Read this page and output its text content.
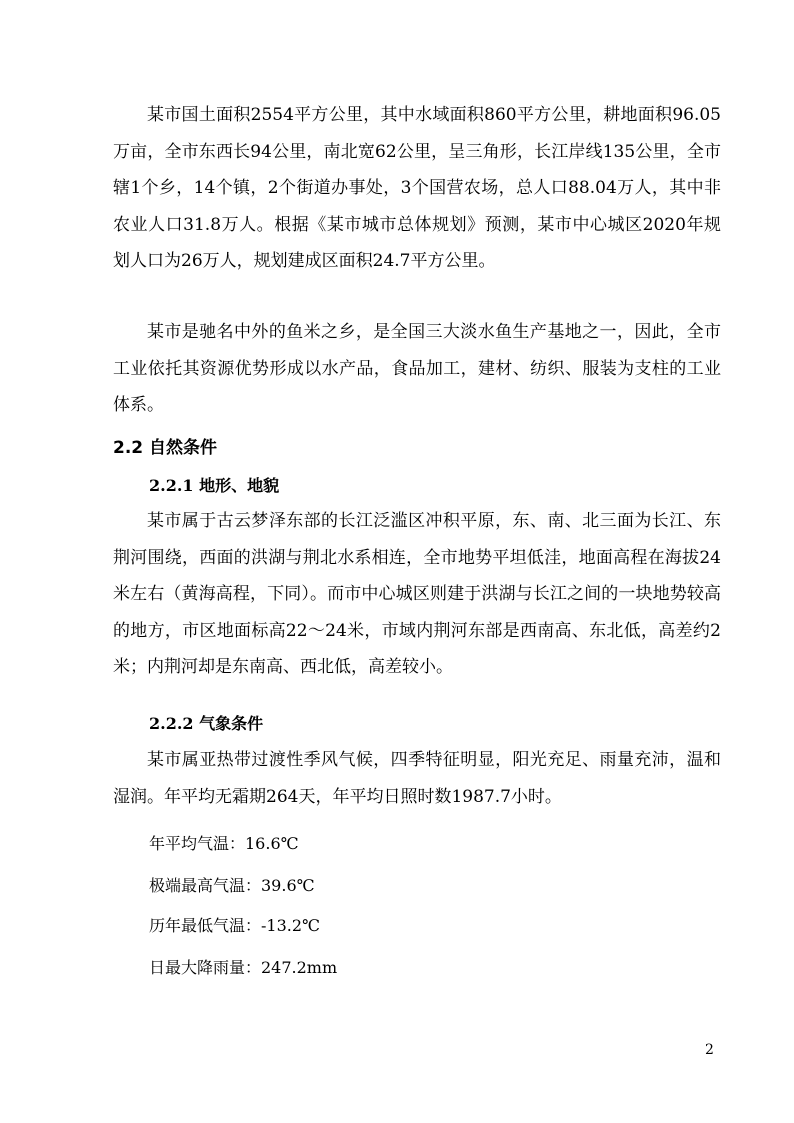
某市国土面积2554平方公里，其中水域面积860平方公里，耕地面积96.05万亩，全市东西长94公里，南北宽62公里，呈三角形，长江岸线135公里，全市辖1个乡，14个镇，2个街道办事处，3个国营农场，总人口88.04万人，其中非农业人口31.8万人。根据《某市城市总体规划》预测，某市中心城区2020年规划人口为26万人，规划建成区面积24.7平方公里。

某市是驰名中外的鱼米之乡，是全国三大淡水鱼生产基地之一，因此，全市工业依托其资源优势形成以水产品，食品加工，建材、纺织、服装为支柱的工业体系。

2.2 自然条件
2.2.1 地形、地貌

某市属于古云梦泽东部的长江泛滥区冲积平原，东、南、北三面为长江、东荆河围绕，西面的洪湖与荆北水系相连，全市地势平坦低洼，地面高程在海拔24米左右（黄海高程，下同）。而市中心城区则建于洪湖与长江之间的一块地势较高的地方，市区地面标高22～24米，市域内荆河东部是西南高、东北低，高差约2米；内荆河却是东南高、西北低，高差较小。

2.2.2 气象条件

某市属亚热带过渡性季风气候，四季特征明显，阳光充足、雨量充沛，温和湿润。年平均无霜期264天，年平均日照时数1987.7小时。

年平均气温：16.6℃

极端最高气温：39.6℃

历年最低气温：-13.2℃

日最大降雨量：247.2mm

2
